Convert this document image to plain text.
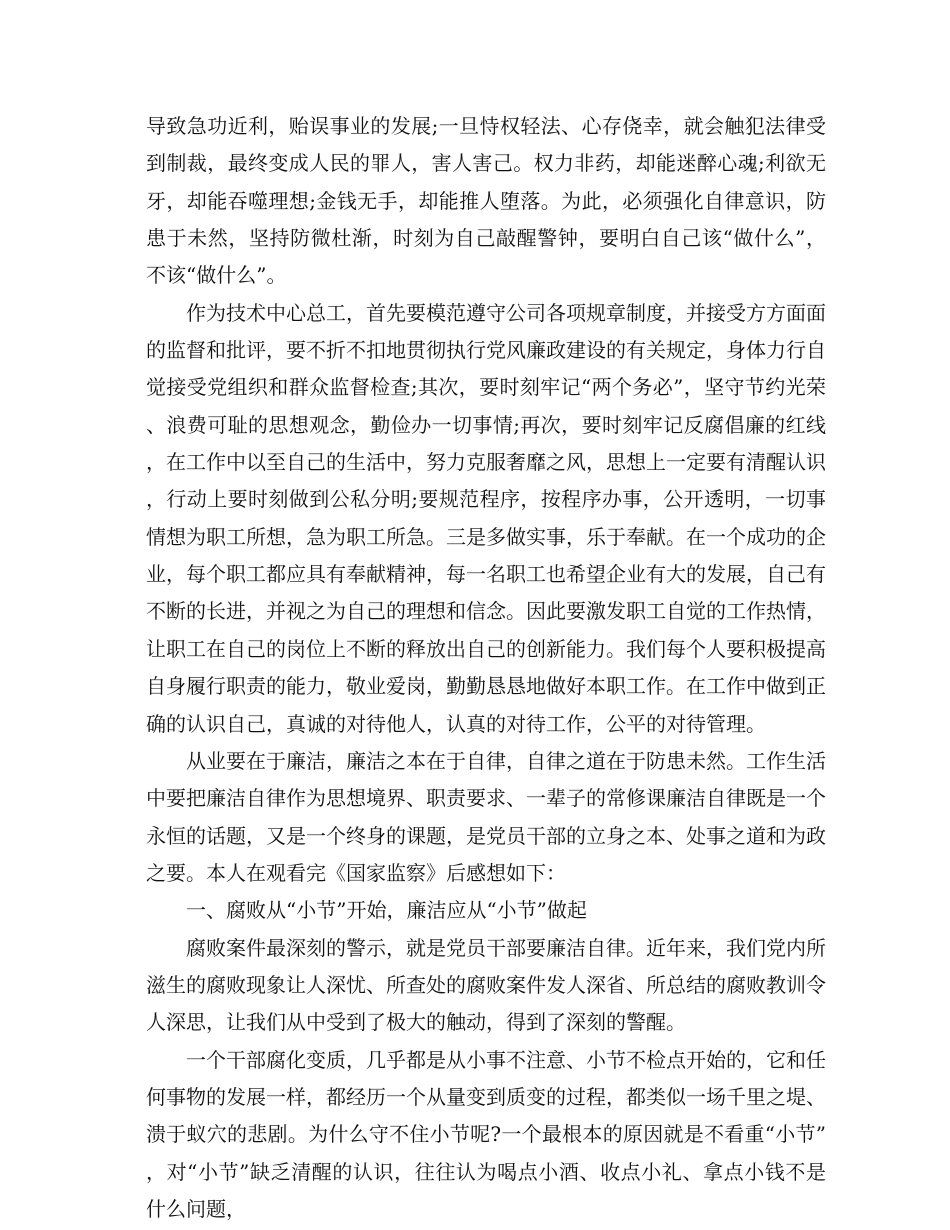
导致急功近利，贻误事业的发展;一旦恃权轻法、心存侥幸，就会触犯法律受到制裁，最终变成人民的罪人，害人害己。权力非药，却能迷醉心魂;利欲无牙，却能吞噬理想;金钱无手，却能推人堕落。为此，必须强化自律意识，防患于未然，坚持防微杜渐，时刻为自己敲醒警钟，要明白自己该“做什么”，不该“做什么”。

作为技术中心总工，首先要模范遵守公司各项规章制度，并接受方方面面的监督和批评，要不折不扣地贯彻执行党风廉政建设的有关规定，身体力行自觉接受党组织和群众监督检查;其次，要时刻牢记“两个务必”，坚守节约光荣、浪费可耻的思想观念，勤俭办一切事情;再次，要时刻牢记反腐倡廉的红线，在工作中以至自己的生活中，努力克服奢靡之风，思想上一定要有清醒认识，行动上要时刻做到公私分明;要规范程序，按程序办事，公开透明，一切事情想为职工所想，急为职工所急。三是多做实事，乐于奉献。在一个成功的企业，每个职工都应具有奉献精神，每一名职工也希望企业有大的发展，自己有不断的长进，并视之为自己的理想和信念。因此要激发职工自觉的工作热情，让职工在自己的岗位上不断的释放出自己的创新能力。我们每个人要积极提高自身履行职责的能力，敬业爱岗，勤勤恳恳地做好本职工作。在工作中做到正确的认识自己，真诚的对待他人，认真的对待工作，公平的对待管理。

从业要在于廉洁，廉洁之本在于自律，自律之道在于防患未然。工作生活中要把廉洁自律作为思想境界、职责要求、一辈子的常修课廉洁自律既是一个永恒的话题，又是一个终身的课题，是党员干部的立身之本、处事之道和为政之要。本人在观看完《国家监察》后感想如下：

一、腐败从“小节”开始，廉洁应从“小节”做起

腐败案件最深刻的警示，就是党员干部要廉洁自律。近年来，我们党内所滋生的腐败现象让人深忧、所查处的腐败案件发人深省、所总结的腐败教训令人深思，让我们从中受到了极大的触动，得到了深刻的警醒。

一个干部腐化变质，几乎都是从小事不注意、小节不检点开始的，它和任何事物的发展一样，都经历一个从量变到质变的过程，都类似一场千里之堤、溃于蚁穴的悲剧。为什么守不住小节呢?一个最根本的原因就是不看重“小节”，对“小节”缺乏清醒的认识，往往认为喝点小酒、收点小礼、拿点小钱不是什么问题，
